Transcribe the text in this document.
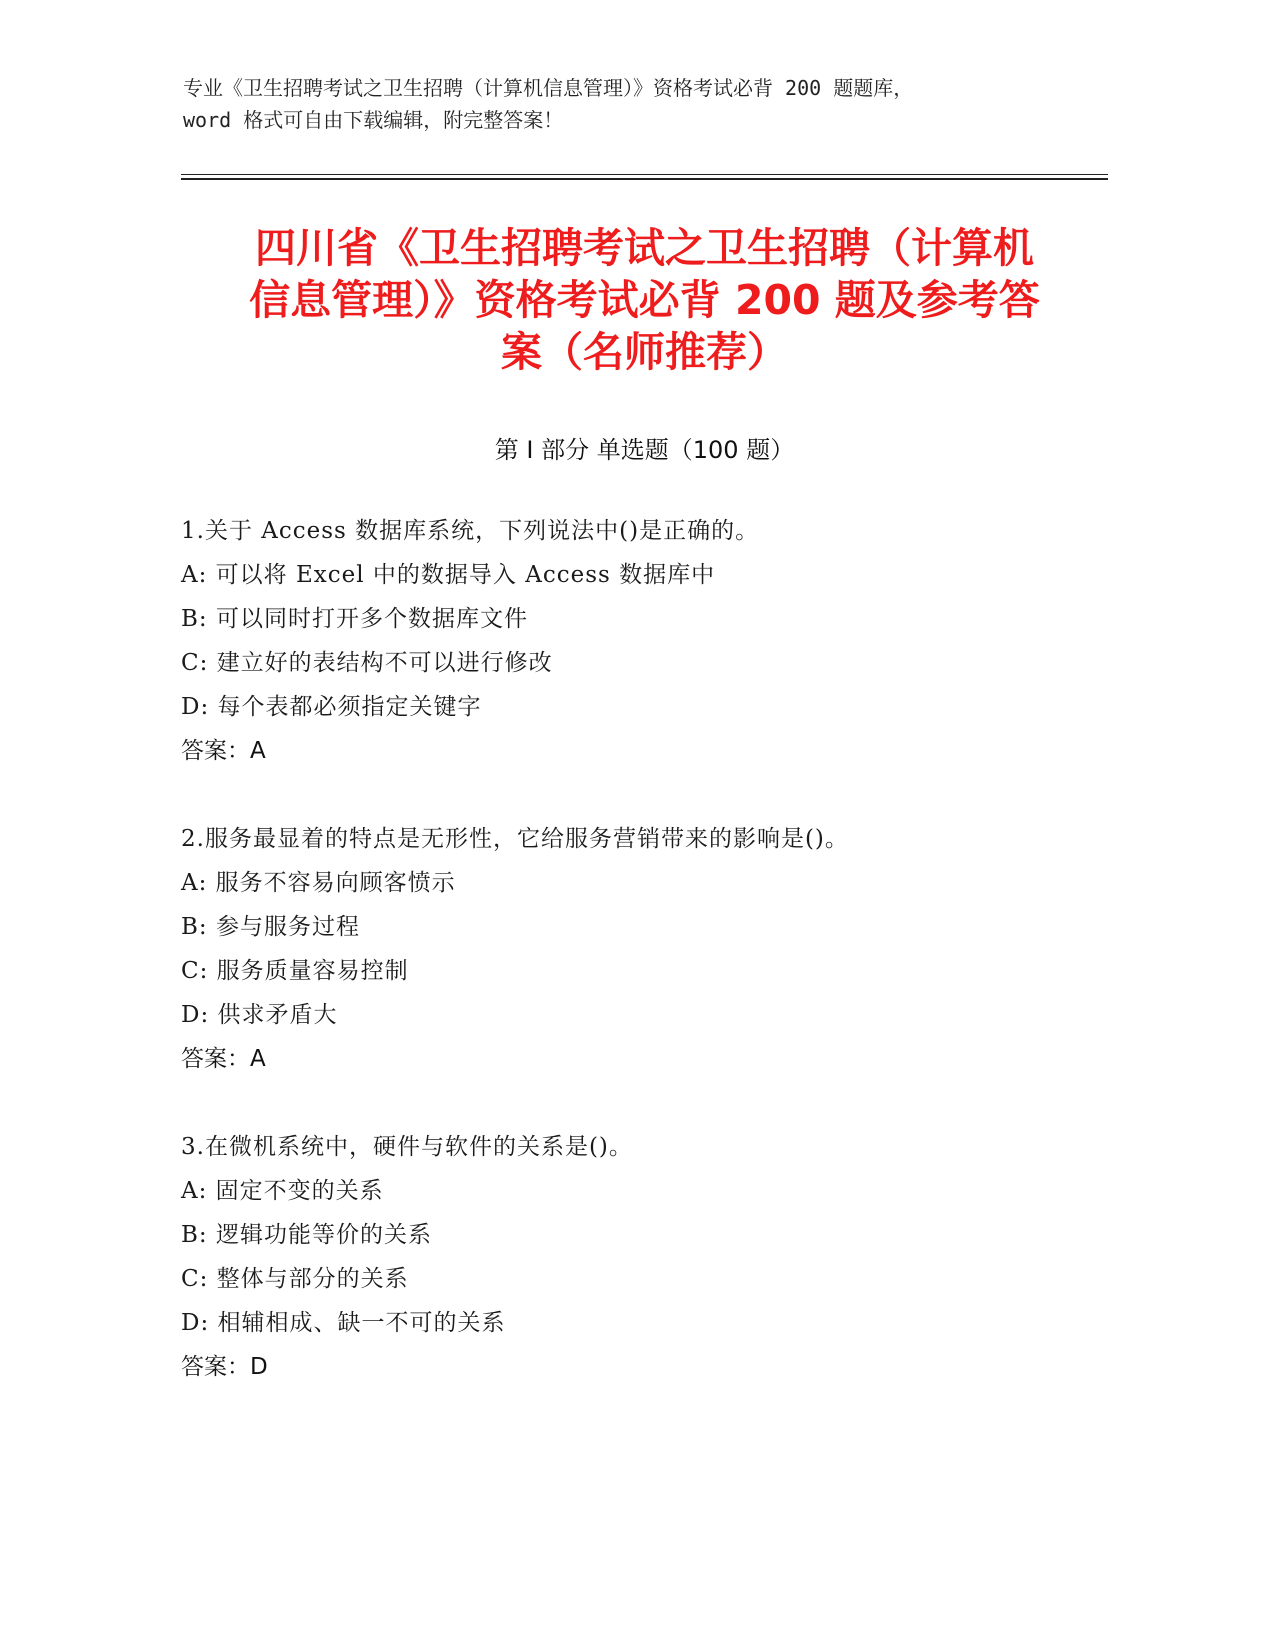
专业《卫生招聘考试之卫生招聘（计算机信息管理）》资格考试必背 200 题题库，
word 格式可自由下载编辑，附完整答案！
四川省《卫生招聘考试之卫生招聘（计算机
信息管理）》资格考试必背 200 题及参考答
案（名师推荐）
第 I 部分 单选题（100 题）
1.关于 Access 数据库系统，下列说法中()是正确的。
A: 可以将 Excel 中的数据导入 Access 数据库中
B: 可以同时打开多个数据库文件
C: 建立好的表结构不可以进行修改
D: 每个表都必须指定关键字
答案：A
2.服务最显着的特点是无形性，它给服务营销带来的影响是()。
A: 服务不容易向顾客愤示
B: 参与服务过程
C: 服务质量容易控制
D: 供求矛盾大
答案：A
3.在微机系统中，硬件与软件的关系是()。
A: 固定不变的关系
B: 逻辑功能等价的关系
C: 整体与部分的关系
D: 相辅相成、缺一不可的关系
答案：D
